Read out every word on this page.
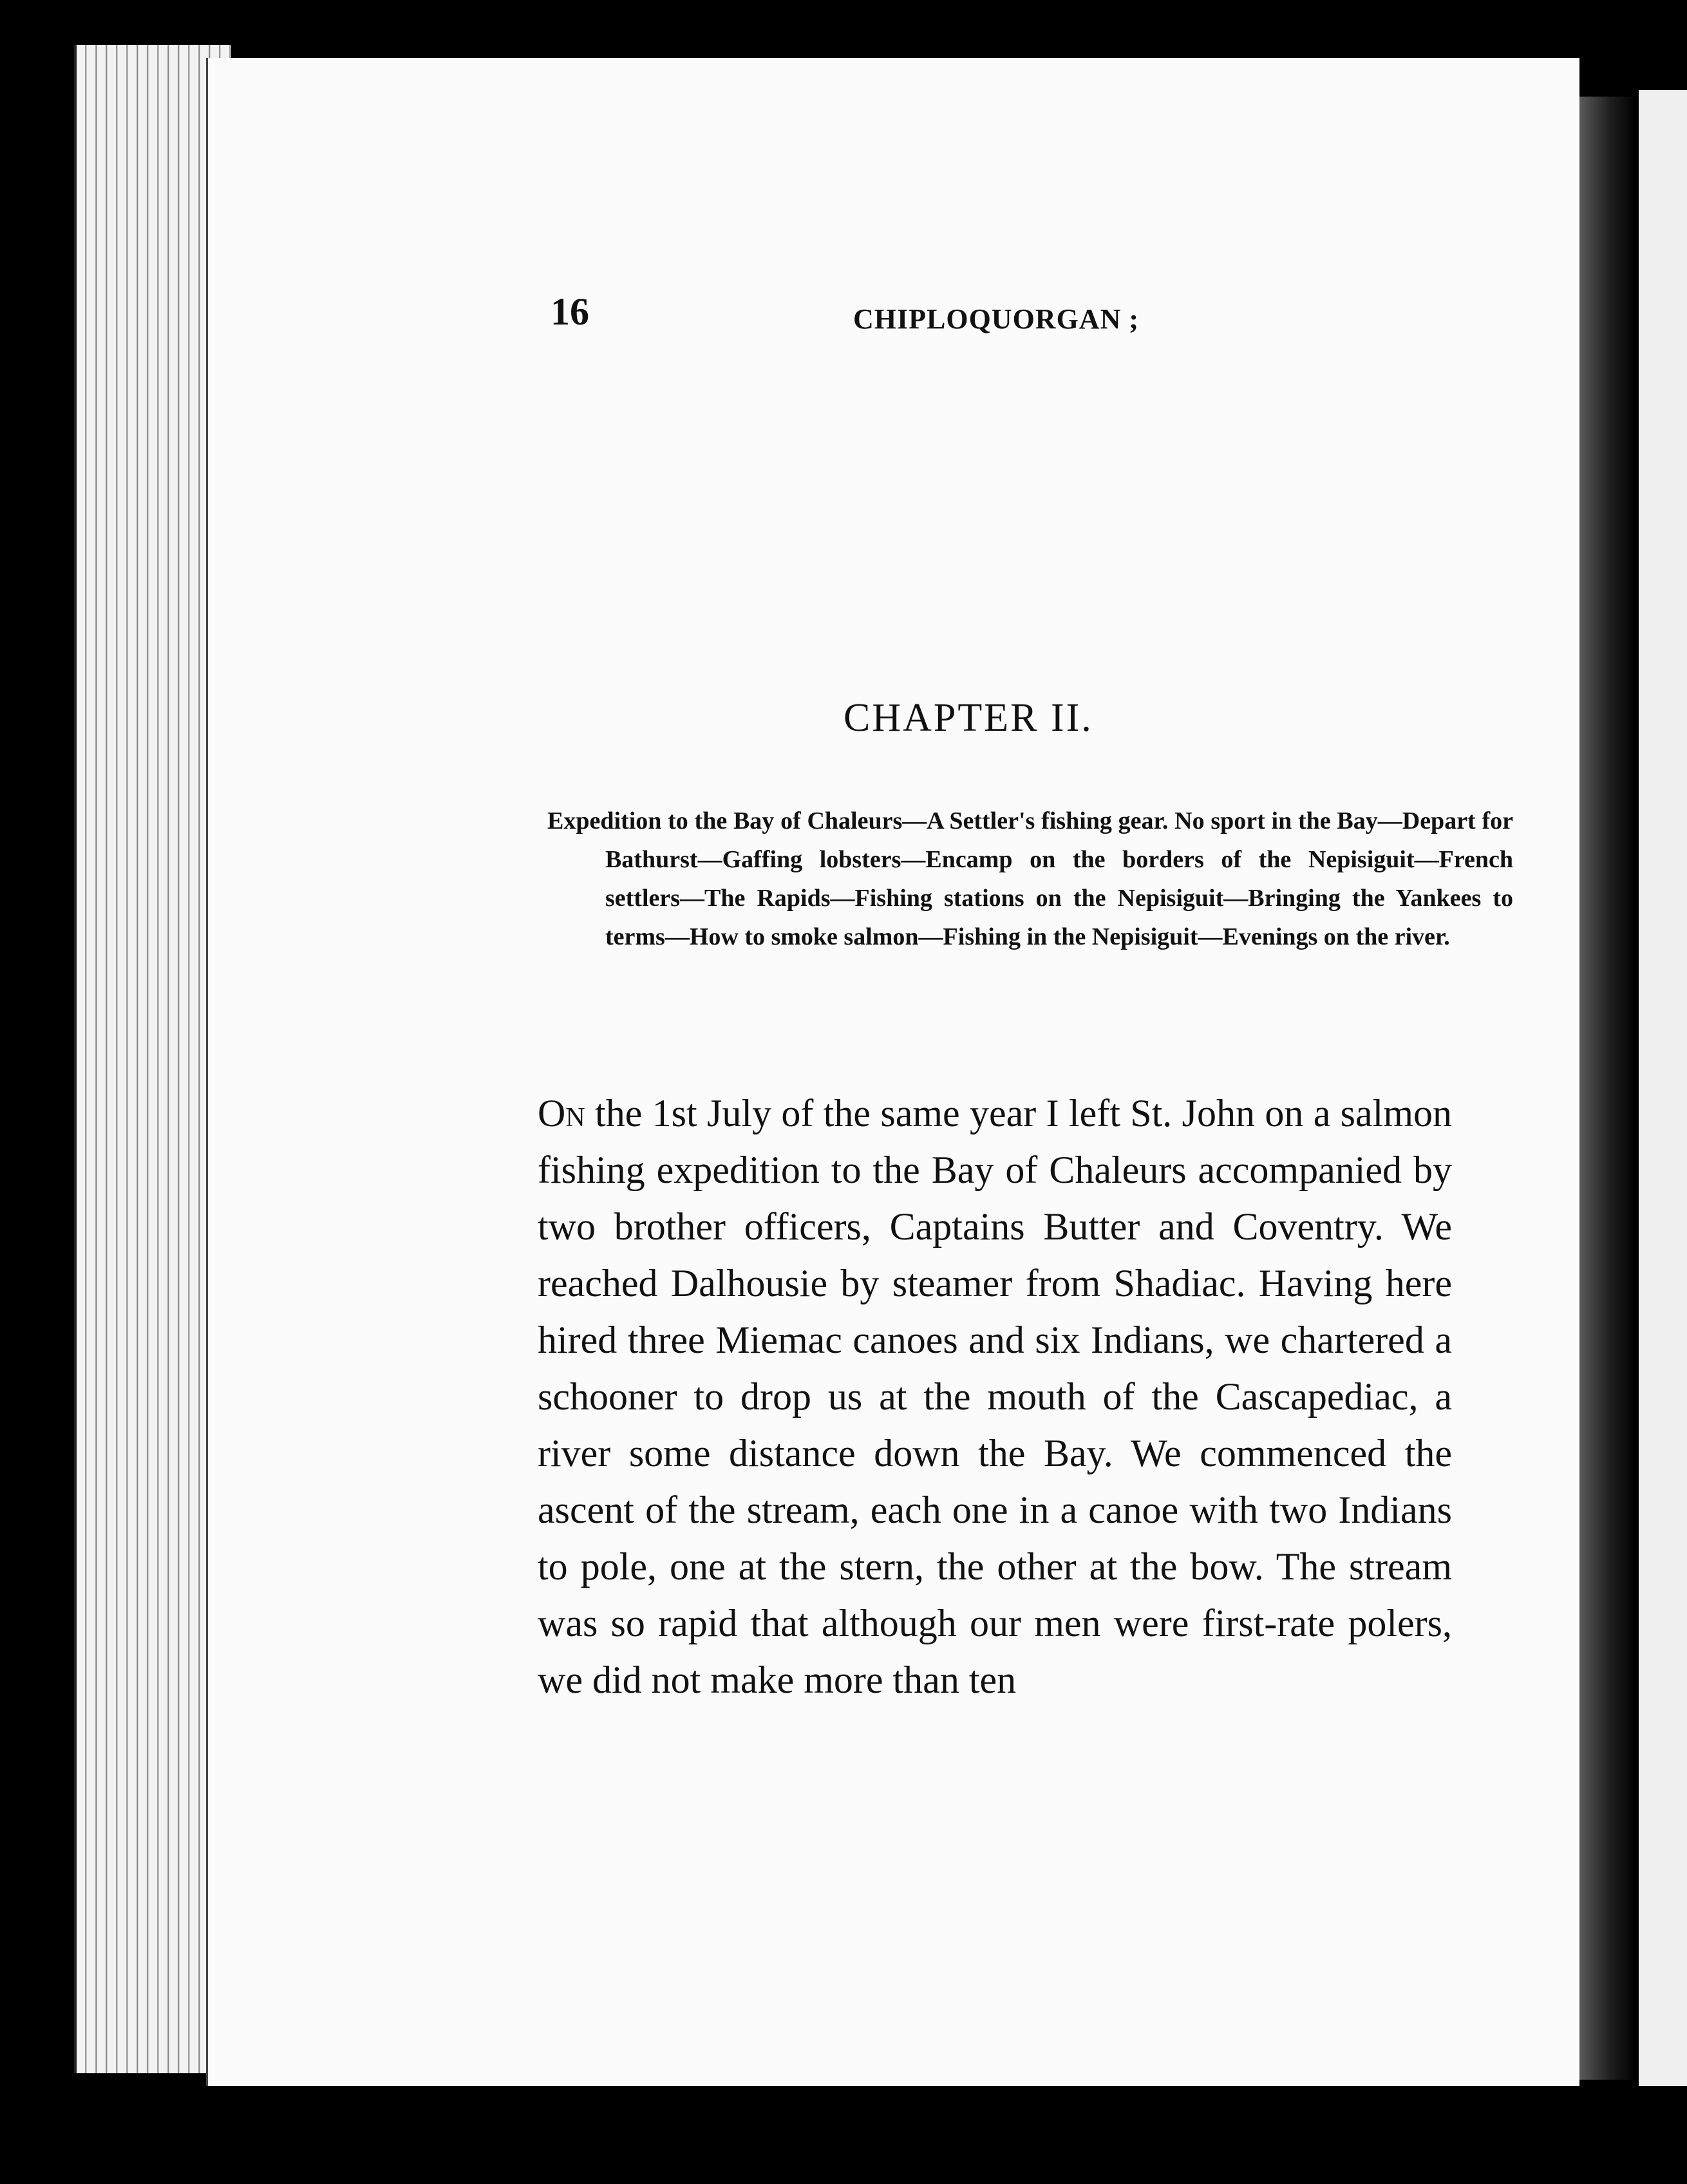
16	CHIPLOQUORGAN ;

CHAPTER II.

Expedition to the Bay of Chaleurs—A Settler's fishing gear. No sport in the Bay—Depart for Bathurst—Gaffing lobsters—Encamp on the borders of the Nepisiguit—French settlers—The Rapids—Fishing stations on the Nepisiguit—Bringing the Yankees to terms—How to smoke salmon—Fishing in the Nepisiguit—Evenings on the river.

On the 1st July of the same year I left St. John on a salmon fishing expedition to the Bay of Chaleurs accompanied by two brother officers, Captains Butter and Coventry. We reached Dalhousie by steamer from Shadiac. Having here hired three Miemac canoes and six Indians, we chartered a schooner to drop us at the mouth of the Cascapediac, a river some distance down the Bay. We commenced the ascent of the stream, each one in a canoe with two Indians to pole, one at the stern, the other at the bow. The stream was so rapid that although our men were first-rate polers, we did not make more than ten
